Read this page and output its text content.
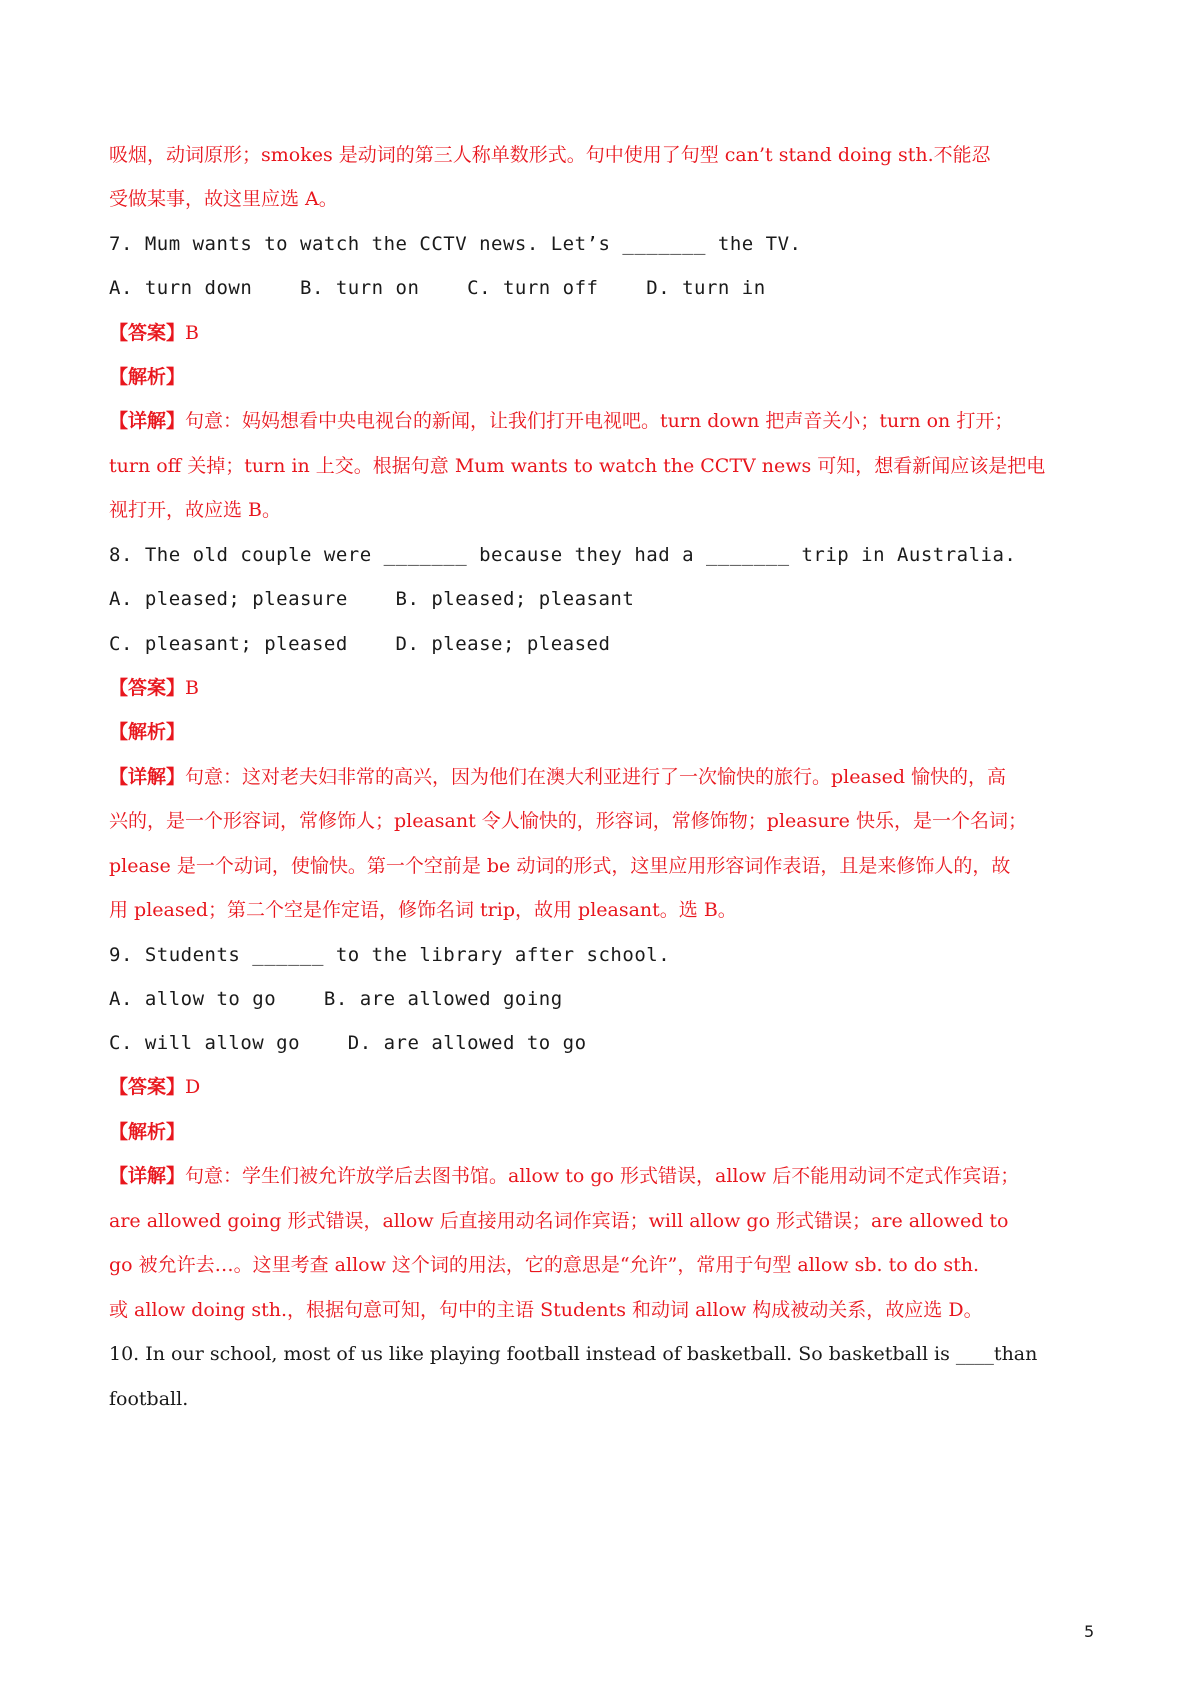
吸烟，动词原形；smokes 是动词的第三人称单数形式。句中使用了句型 can’t stand doing sth.不能忍
受做某事，故这里应选 A。
7. Mum wants to watch the CCTV news. Let’s _______ the TV.
A. turn down    B. turn on    C. turn off    D. turn in
【答案】B
【解析】
【详解】句意：妈妈想看中央电视台的新闻，让我们打开电视吧。turn down 把声音关小；turn on 打开；
turn off 关掉；turn in 上交。根据句意 Mum wants to watch the CCTV news 可知，想看新闻应该是把电
视打开，故应选 B。
8. The old couple were _______ because they had a _______ trip in Australia.
A. pleased; pleasure    B. pleased; pleasant
C. pleasant; pleased    D. please; pleased
【答案】B
【解析】
【详解】句意：这对老夫妇非常的高兴，因为他们在澳大利亚进行了一次愉快的旅行。pleased 愉快的，高
兴的，是一个形容词，常修饰人；pleasant 令人愉快的，形容词，常修饰物；pleasure 快乐，是一个名词；
please 是一个动词，使愉快。第一个空前是 be 动词的形式，这里应用形容词作表语，且是来修饰人的，故
用 pleased；第二个空是作定语，修饰名词 trip，故用 pleasant。选 B。
9. Students ______ to the library after school.
A. allow to go    B. are allowed going
C. will allow go    D. are allowed to go
【答案】D
【解析】
【详解】句意：学生们被允许放学后去图书馆。allow to go 形式错误，allow 后不能用动词不定式作宾语；
are allowed going 形式错误，allow 后直接用动名词作宾语；will allow go 形式错误；are allowed to
go 被允许去…。这里考查 allow 这个词的用法，它的意思是“允许”，常用于句型 allow sb. to do sth.
或 allow doing sth.，根据句意可知，句中的主语 Students 和动词 allow 构成被动关系，故应选 D。
10. In our school, most of us like playing football instead of basketball. So basketball is ____than
football.
5
